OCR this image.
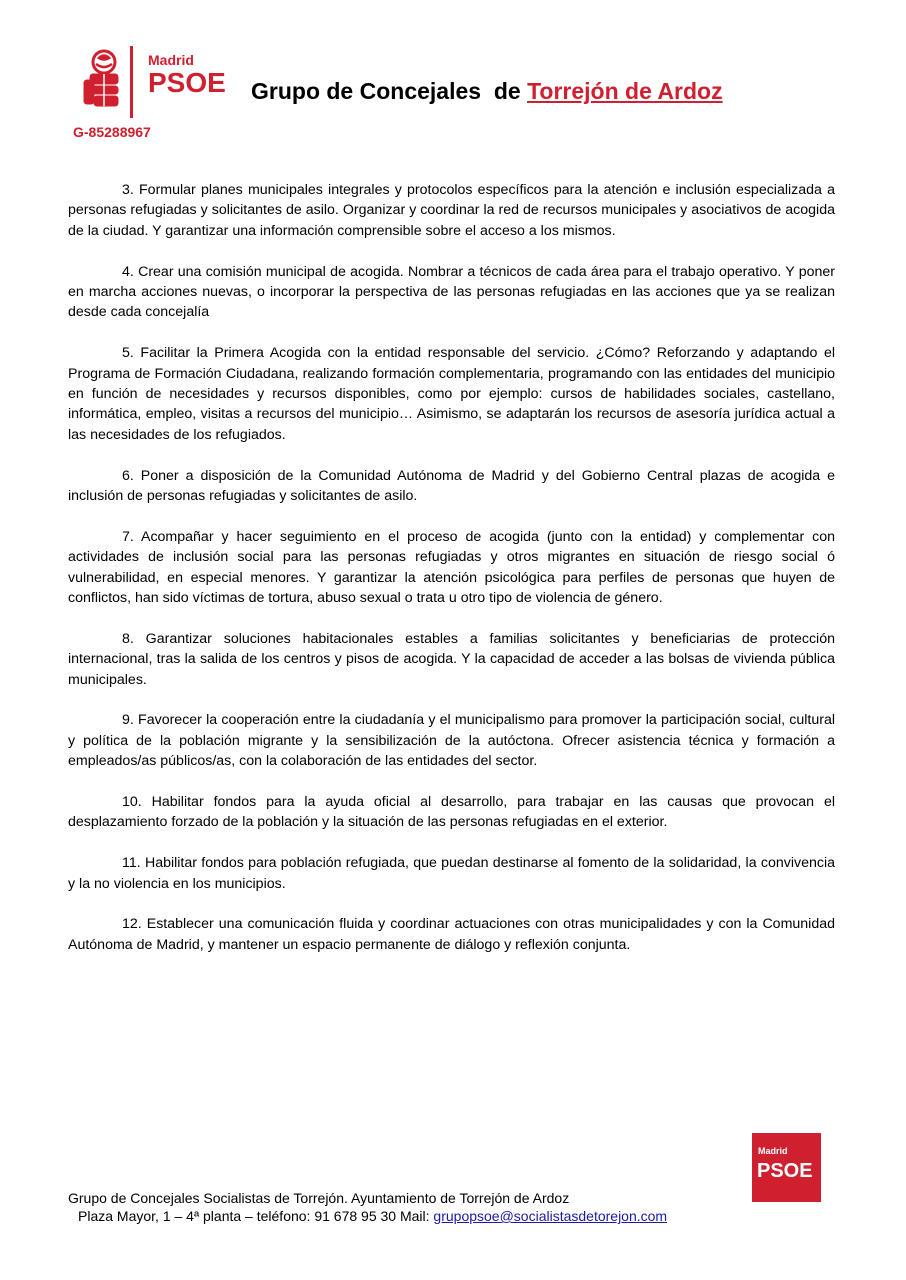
Madrid
PSOE
G-85288967
Grupo de Concejales  de Torrejón de Ardoz

3. Formular planes municipales integrales y protocolos específicos para la atención e inclusión especializada a personas refugiadas y solicitantes de asilo. Organizar y coordinar la red de recursos municipales y asociativos de acogida de la ciudad. Y garantizar una información comprensible sobre el acceso a los mismos.

4. Crear una comisión municipal de acogida. Nombrar a técnicos de cada área para el trabajo operativo. Y poner en marcha acciones nuevas, o incorporar la perspectiva de las personas refugiadas en las acciones que ya se realizan desde cada concejalía

5. Facilitar la Primera Acogida con la entidad responsable del servicio. ¿Cómo? Reforzando y adaptando el Programa de Formación Ciudadana, realizando formación complementaria, programando con las entidades del municipio en función de necesidades y recursos disponibles, como por ejemplo: cursos de habilidades sociales, castellano, informática, empleo, visitas a recursos del municipio… Asimismo, se adaptarán los recursos de asesoría jurídica actual a las necesidades de los refugiados.

6. Poner a disposición de la Comunidad Autónoma de Madrid y del Gobierno Central plazas de acogida e inclusión de personas refugiadas y solicitantes de asilo.

7. Acompañar y hacer seguimiento en el proceso de acogida (junto con la entidad) y complementar con actividades de inclusión social para las personas refugiadas y otros migrantes en situación de riesgo social ó vulnerabilidad, en especial menores. Y garantizar la atención psicológica para perfiles de personas que huyen de conflictos, han sido víctimas de tortura, abuso sexual o trata u otro tipo de violencia de género.

8. Garantizar soluciones habitacionales estables a familias solicitantes y beneficiarias de protección internacional, tras la salida de los centros y pisos de acogida. Y la capacidad de acceder a las bolsas de vivienda pública municipales.

9. Favorecer la cooperación entre la ciudadanía y el municipalismo para promover la participación social, cultural y política de la población migrante y la sensibilización de la autóctona. Ofrecer asistencia técnica y formación a empleados/as públicos/as, con la colaboración de las entidades del sector.

10. Habilitar fondos para la ayuda oficial al desarrollo, para trabajar en las causas que provocan el desplazamiento forzado de la población y la situación de las personas refugiadas en el exterior.

11. Habilitar fondos para población refugiada, que puedan destinarse al fomento de la solidaridad, la convivencia y la no violencia en los municipios.

12. Establecer una comunicación fluida y coordinar actuaciones con otras municipalidades y con la Comunidad Autónoma de Madrid, y mantener un espacio permanente de diálogo y reflexión conjunta.

Madrid
PSOE
Grupo de Concejales Socialistas de Torrejón. Ayuntamiento de Torrejón de Ardoz
Plaza Mayor, 1 – 4ª planta – teléfono: 91 678 95 30 Mail: grupopsoe@socialistasdetorejon.com
